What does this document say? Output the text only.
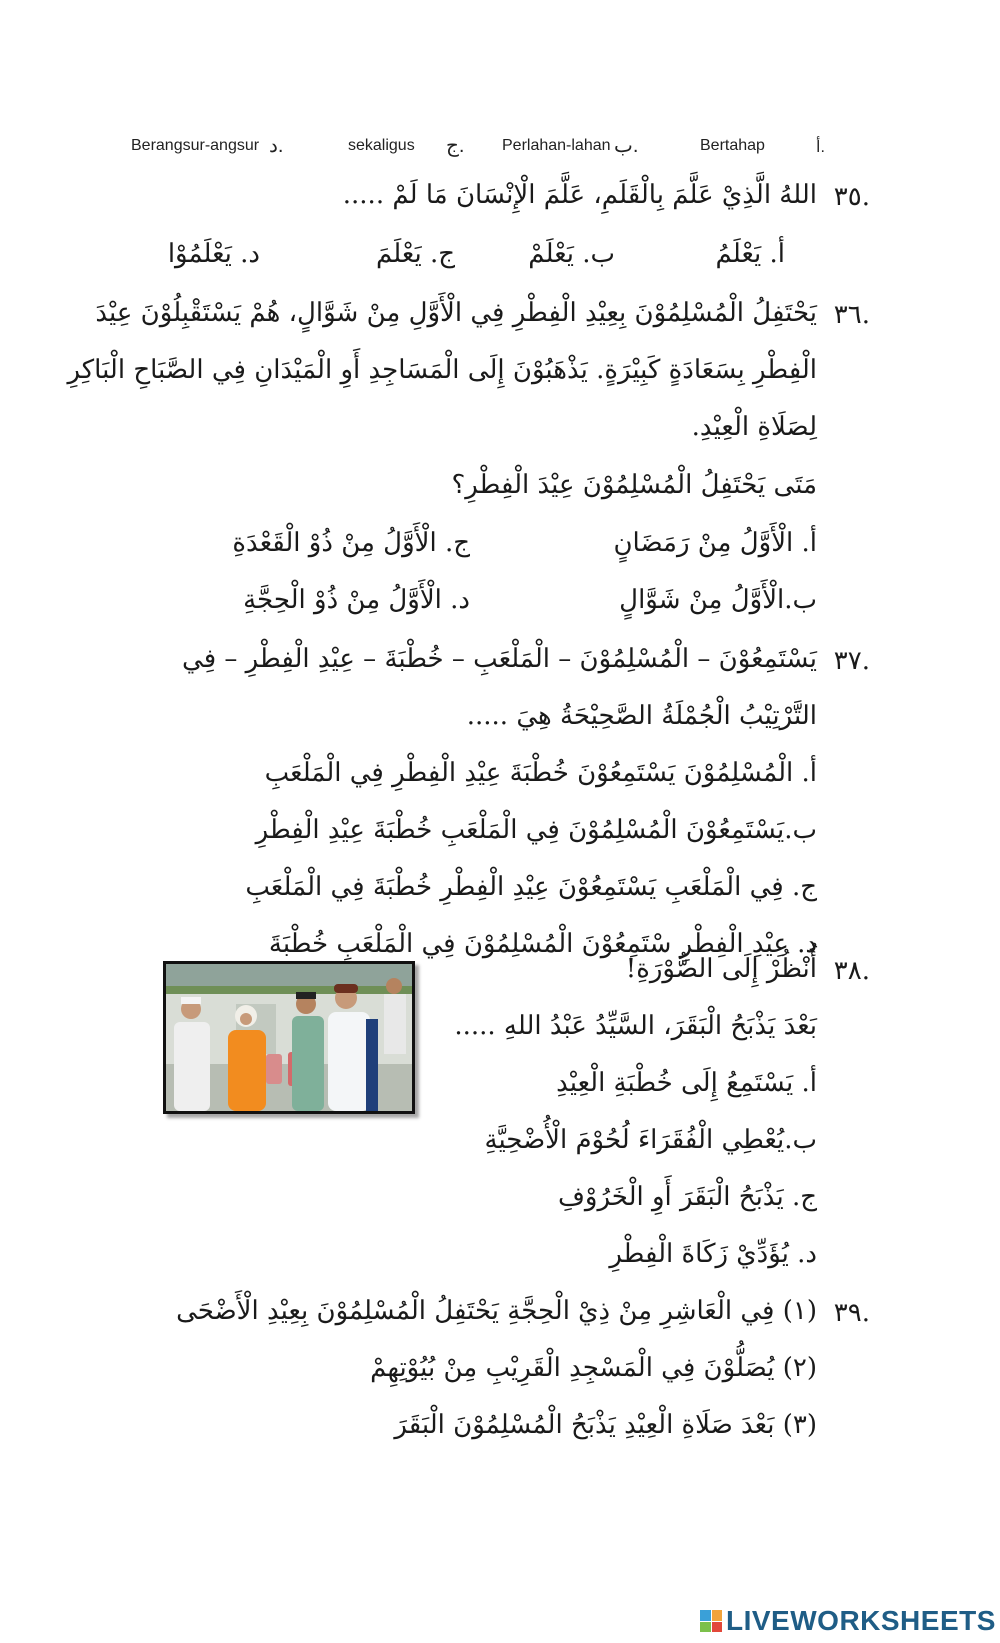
أ.
Bertahap
ب.
Perlahan-lahan
ج.
sekaligus
د.
Berangsur-angsur
٣٥.
اللهُ الَّذِيْ عَلَّمَ بِالْقَلَمِ، عَلَّمَ الْإِنْسَانَ مَا لَمْ .....
أ. يَعْلَمُ
ب. يَعْلَمْ
ج. يَعْلَمَ
د. يَعْلَمُوْا
٣٦.
يَحْتَفِلُ الْمُسْلِمُوْنَ بِعِيْدِ الْفِطْرِ فِي الْأَوَّلِ مِنْ شَوَّالٍ، هُمْ يَسْتَقْبِلُوْنَ عِيْدَ
الْفِطْرِ بِسَعَادَةٍ كَبِيْرَةٍ. يَذْهَبُوْنَ إِلَى الْمَسَاجِدِ أَوِ الْمَيْدَانِ فِي الصَّبَاحِ الْبَاكِرِ
لِصَلَاةِ الْعِيْدِ.
مَتَى يَحْتَفِلُ الْمُسْلِمُوْنَ عِيْدَ الْفِطْرِ؟
أ. الْأَوَّلُ مِنْ رَمَضَانٍ
ج. الْأَوَّلُ مِنْ ذُوْ الْقَعْدَةِ
ب.الْأَوَّلُ مِنْ شَوَّالٍ
د. الْأَوَّلُ مِنْ ذُوْ الْحِجَّةِ
٣٧.
يَسْتَمِعُوْنَ – الْمُسْلِمُوْنَ – الْمَلْعَبِ – خُطْبَةَ – عِيْدِ الْفِطْرِ – فِي
التَّرْتِيْبُ الْجُمْلَةُ الصَّحِيْحَةُ هِيَ .....
أ. الْمُسْلِمُوْنَ يَسْتَمِعُوْنَ خُطْبَةَ عِيْدِ الْفِطْرِ فِي الْمَلْعَبِ
ب.يَسْتَمِعُوْنَ الْمُسْلِمُوْنَ فِي الْمَلْعَبِ خُطْبَةَ عِيْدِ الْفِطْرِ
ج. فِي الْمَلْعَبِ يَسْتَمِعُوْنَ عِيْدِ الْفِطْرِ خُطْبَةَ فِي الْمَلْعَبِ
د. عِيْدِ الْفِطْرِ سْتَمِعُوْنَ الْمُسْلِمُوْنَ فِي الْمَلْعَبِ خُطْبَةَ
٣٨.
أُنْظُرْ إِلَى الصُّوْرَةِ!
بَعْدَ يَذْبَحُ الْبَقَرَ، السَّيِّدُ عَبْدُ اللهِ .....
أ. يَسْتَمِعُ إِلَى خُطْبَةِ الْعِيْدِ
ب.يُعْطِي الْفُقَرَاءَ لُحُوْمَ الْأُضْحِيَّةِ
ج. يَذْبَحُ الْبَقَرَ أَوِ الْخَرُوْفِ
د. يُؤَدِّيْ زَكَاةَ الْفِطْرِ
٣٩.
(١) فِي الْعَاشِرِ مِنْ ذِيْ الْحِجَّةِ يَحْتَفِلُ الْمُسْلِمُوْنَ بِعِيْدِ الْأَضْحَى
(٢) يُصَلُّوْنَ فِي الْمَسْجِدِ الْقَرِيْبِ مِنْ بُيُوْتِهِمْ
(٣) بَعْدَ صَلَاةِ الْعِيْدِ يَذْبَحُ الْمُسْلِمُوْنَ الْبَقَرَ
LIVEWORKSHEETS
